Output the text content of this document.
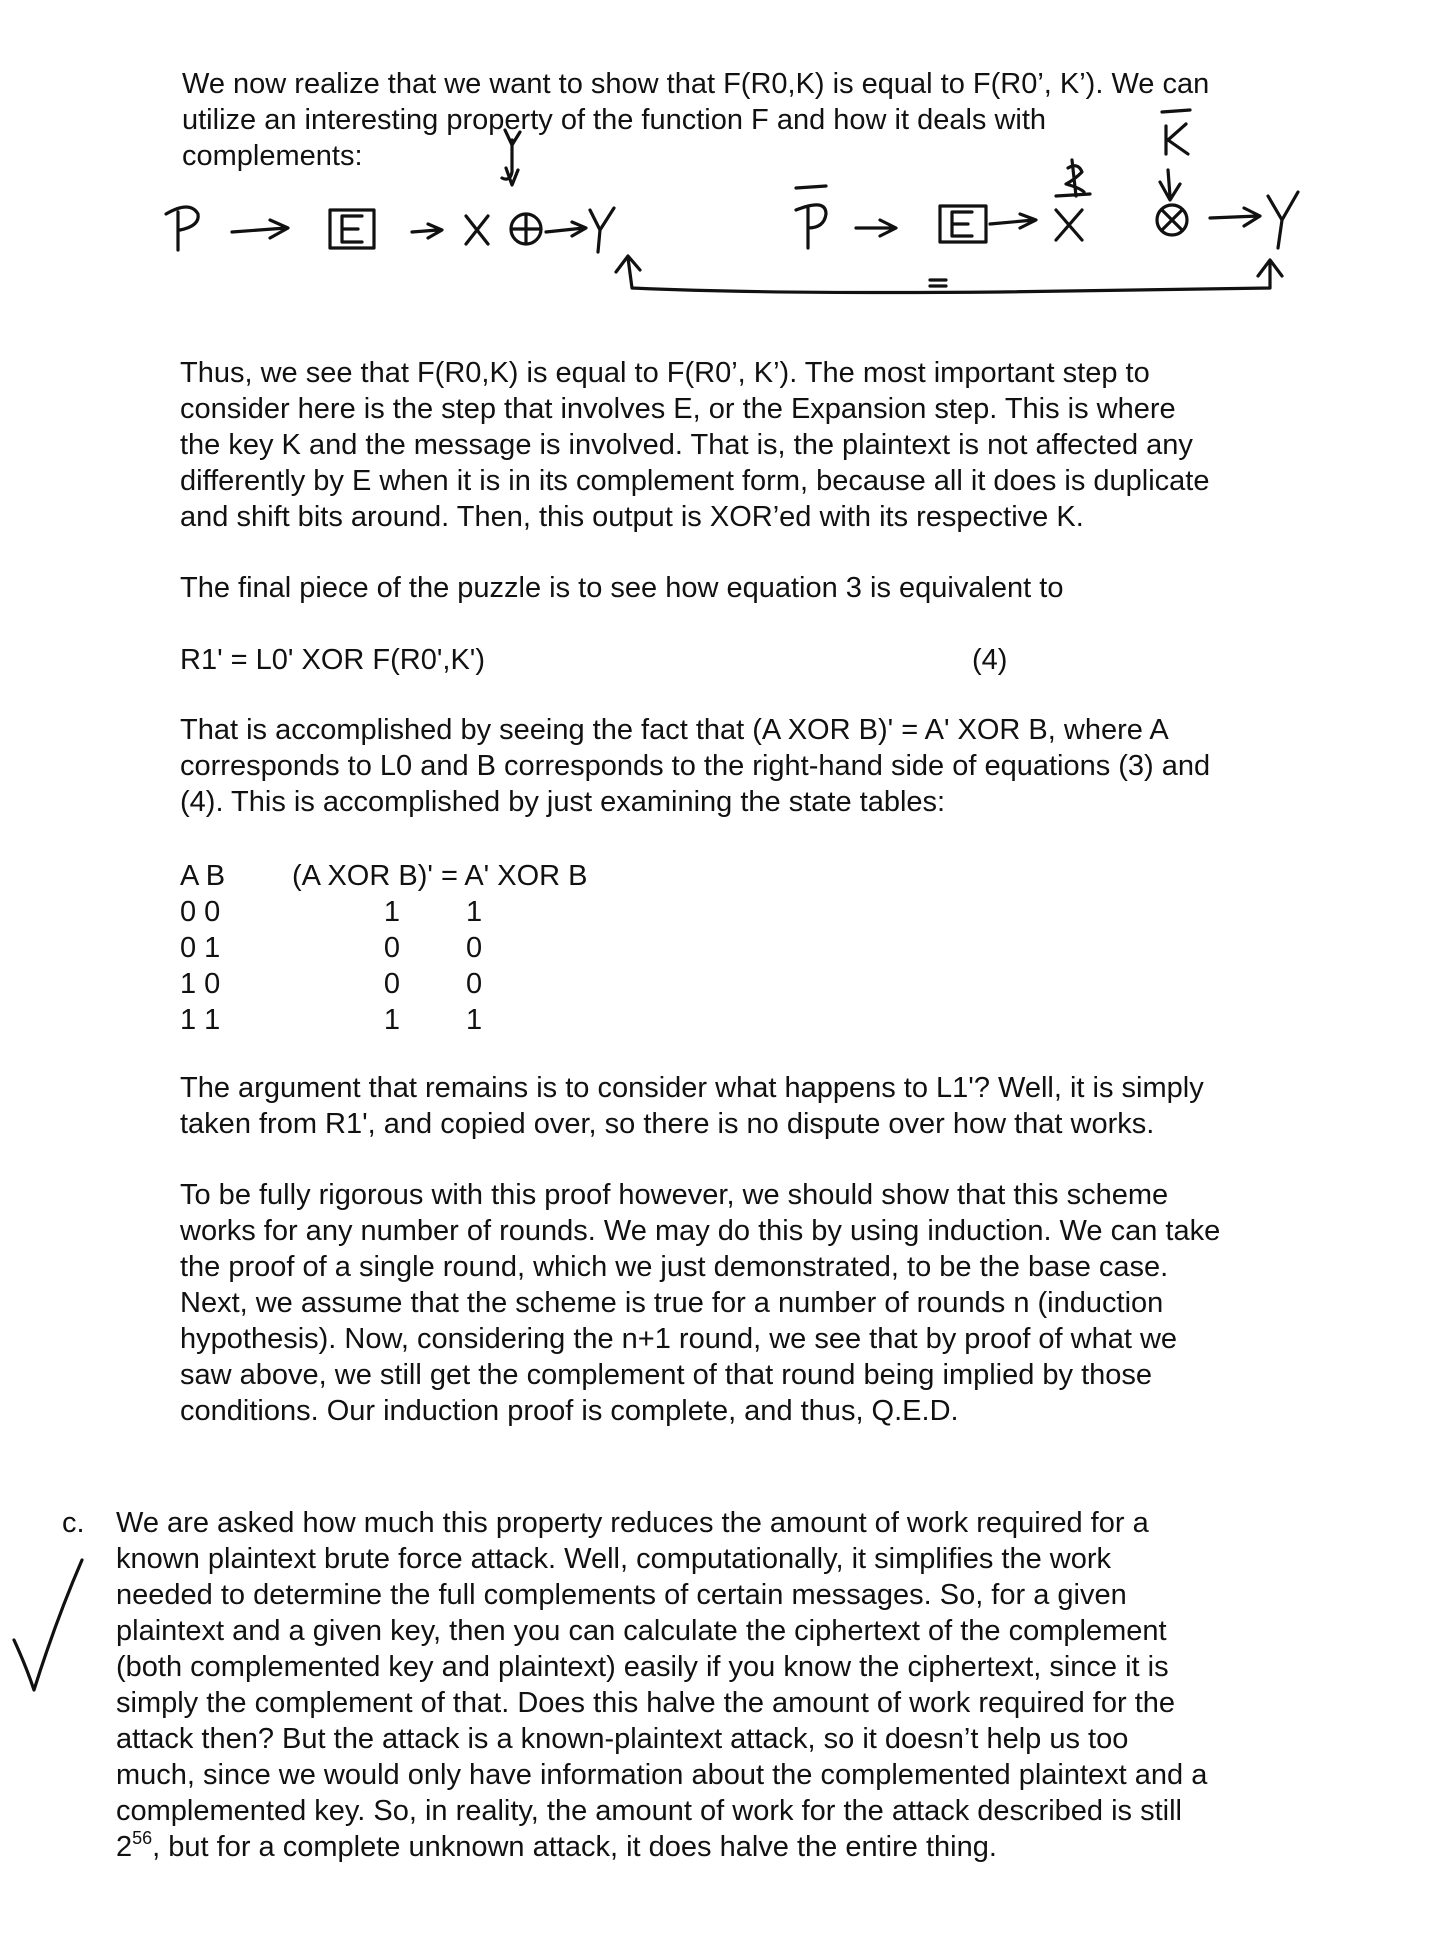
We now realize that we want to show that F(R0,K) is equal to F(R0’, K’). We can
utilize an interesting property of the function F and how it deals with
complements:
Thus, we see that F(R0,K) is equal to F(R0’, K’). The most important step to
consider here is the step that involves E, or the Expansion step. This is where
the key K and the message is involved. That is, the plaintext is not affected any
differently by E when it is in its complement form, because all it does is duplicate
and shift bits around. Then, this output is XOR’ed with its respective K.
The final piece of the puzzle is to see how equation 3 is equivalent to
R1' = L0' XOR F(R0',K')	(4)
That is accomplished by seeing the fact that (A XOR B)' = A' XOR B, where A
corresponds to L0 and B corresponds to the right-hand side of equations (3) and
(4). This is accomplished by just examining the state tables:
A B	(A XOR B)' = A' XOR B	
0 0	1	1
0 1	0	0
1 0	0	0
1 1	1	1
The argument that remains is to consider what happens to L1'? Well, it is simply
taken from R1', and copied over, so there is no dispute over how that works.
To be fully rigorous with this proof however, we should show that this scheme
works for any number of rounds. We may do this by using induction. We can take
the proof of a single round, which we just demonstrated, to be the base case.
Next, we assume that the scheme is true for a number of rounds n (induction
hypothesis). Now, considering the n+1 round, we see that by proof of what we
saw above, we still get the complement of that round being implied by those
conditions. Our induction proof is complete, and thus, Q.E.D.
c. We are asked how much this property reduces the amount of work required for a
known plaintext brute force attack. Well, computationally, it simplifies the work
needed to determine the full complements of certain messages. So, for a given
plaintext and a given key, then you can calculate the ciphertext of the complement
(both complemented key and plaintext) easily if you know the ciphertext, since it is
simply the complement of that. Does this halve the amount of work required for the
attack then? But the attack is a known-plaintext attack, so it doesn’t help us too
much, since we would only have information about the complemented plaintext and a
complemented key. So, in reality, the amount of work for the attack described is still
$2^{56}$, but for a complete unknown attack, it does halve the entire thing.
